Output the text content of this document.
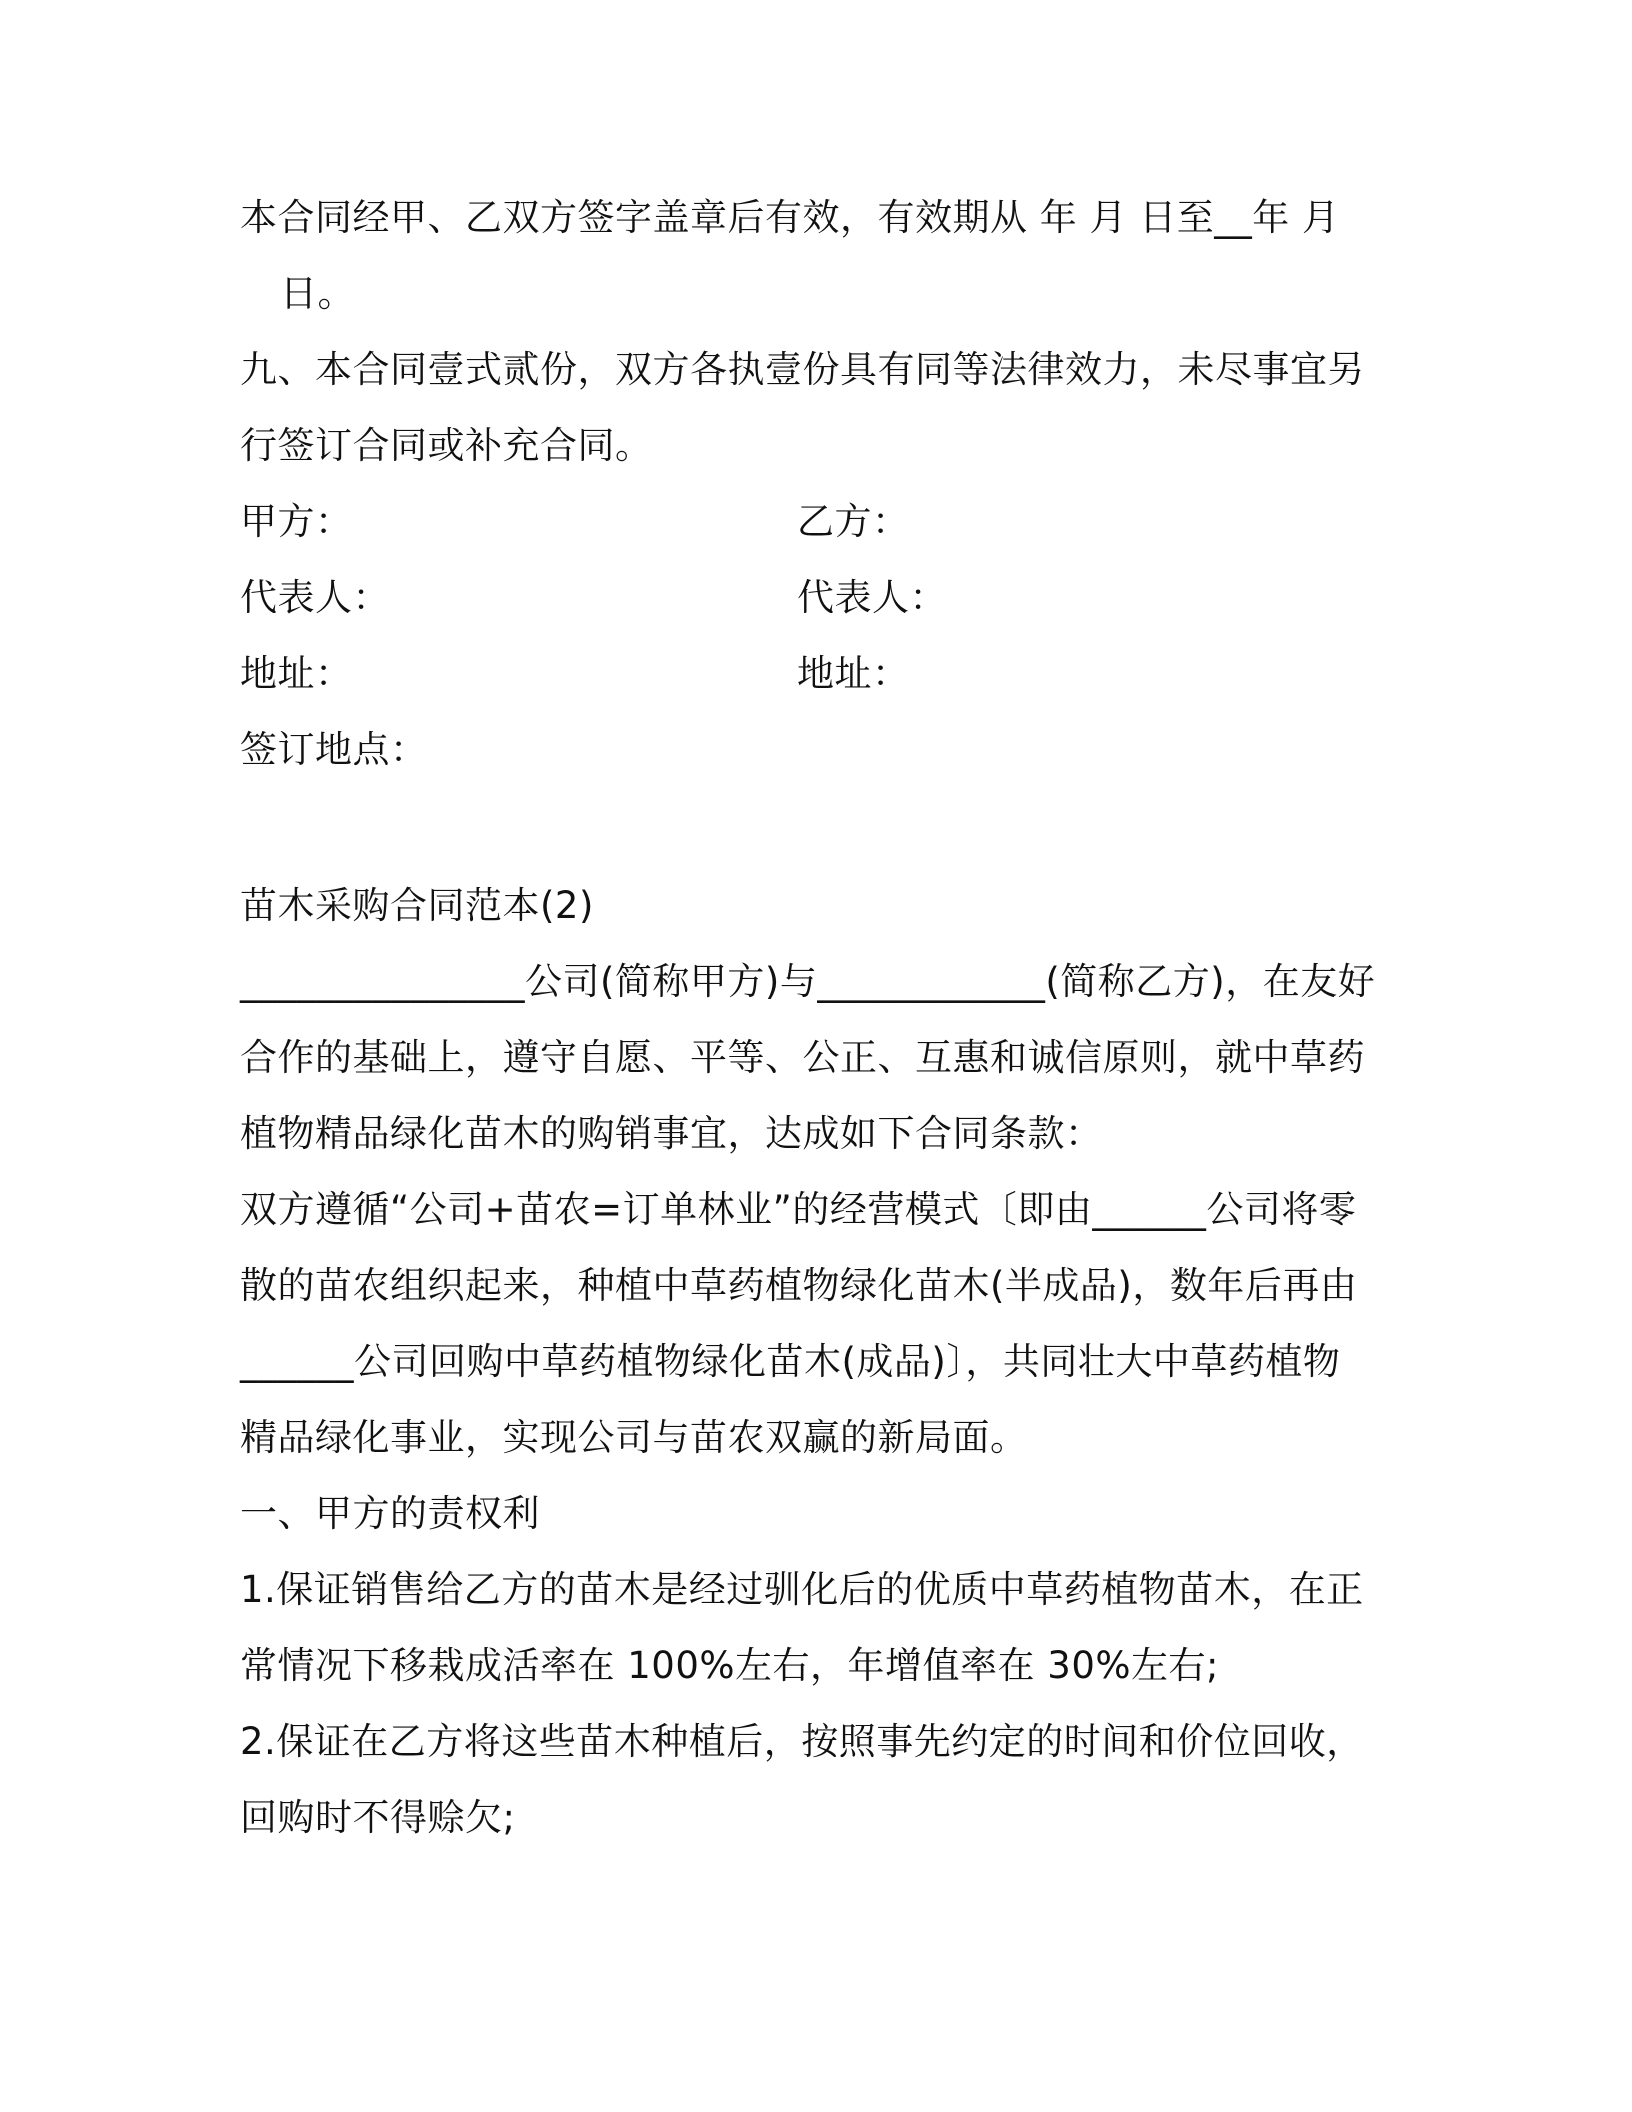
本合同经甲、乙双方签字盖章后有效，有效期从 年 月 日至__年 月
日。
九、本合同壹式贰份，双方各执壹份具有同等法律效力，未尽事宜另
行签订合同或补充合同。
甲方：	乙方：
代表人：	代表人：
地址：	地址：
签订地点：
苗木采购合同范本(2)
_______________公司(简称甲方)与____________(简称乙方)，在友好
合作的基础上，遵守自愿、平等、公正、互惠和诚信原则，就中草药
植物精品绿化苗木的购销事宜，达成如下合同条款：
双方遵循“公司+苗农=订单林业”的经营模式〔即由______公司将零
散的苗农组织起来，种植中草药植物绿化苗木(半成品)，数年后再由
______公司回购中草药植物绿化苗木(成品)〕，共同壮大中草药植物
精品绿化事业，实现公司与苗农双赢的新局面。
一、甲方的责权利
1.保证销售给乙方的苗木是经过驯化后的优质中草药植物苗木，在正
常情况下移栽成活率在 100%左右，年增值率在 30%左右;
2.保证在乙方将这些苗木种植后，按照事先约定的时间和价位回收，
回购时不得赊欠;
